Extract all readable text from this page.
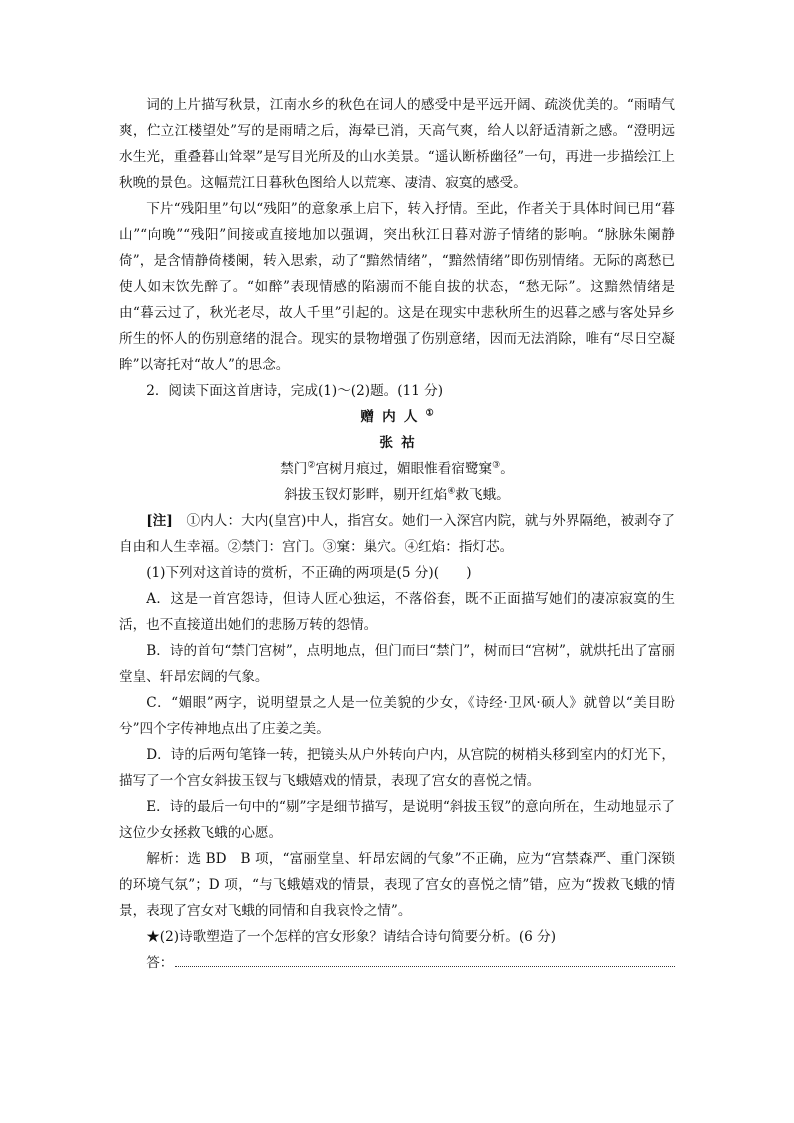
词的上片描写秋景，江南水乡的秋色在词人的感受中是平远开阔、疏淡优美的。“雨晴气爽，伫立江楼望处”写的是雨晴之后，海晕已消，天高气爽，给人以舒适清新之感。“澄明远水生光，重叠暮山耸翠”是写目光所及的山水美景。“遥认断桥幽径”一句，再进一步描绘江上秋晚的景色。这幅荒江日暮秋色图给人以荒寒、凄清、寂寞的感受。

下片“残阳里”句以“残阳”的意象承上启下，转入抒情。至此，作者关于具体时间已用“暮山”“向晚”“残阳”间接或直接地加以强调，突出秋江日暮对游子情绪的影响。“脉脉朱阑静倚”，是含情静倚楼阑，转入思索，动了“黯然情绪”，“黯然情绪”即伤别情绪。无际的离愁已使人如末饮先醉了。“如醉”表现情感的陷溺而不能自拔的状态，“愁无际”。这黯然情绪是由“暮云过了，秋光老尽，故人千里”引起的。这是在现实中悲秋所生的迟暮之感与客处异乡所生的怀人的伤别意绪的混合。现实的景物增强了伤别意绪，因而无法消除，唯有“尽日空凝眸”以寄托对“故人”的思念。

2．阅读下面这首唐诗，完成(1)～(2)题。(11 分)

赠内人①

张祜

禁门②宫树月痕过，媚眼惟看宿鹭窠③。

斜拔玉钗灯影畔，剔开红焰④救飞蛾。

[注]　 ①内人：大内(皇宫)中人，指宫女。她们一入深宫内院，就与外界隔绝，被剥夺了自由和人生幸福。②禁门：宫门。③窠：巢穴。④红焰：指灯芯。

(1)下列对这首诗的赏析，不正确的两项是(5 分)(　　)

A．这是一首宫怨诗，但诗人匠心独运，不落俗套，既不正面描写她们的凄凉寂寞的生活，也不直接道出她们的悲肠万转的怨情。

B．诗的首句“禁门宫树”，点明地点，但门而曰“禁门”，树而曰“宫树”，就烘托出了富丽堂皇、轩昂宏阔的气象。

C．“媚眼”两字，说明望景之人是一位美貌的少女，《诗经·卫风·硕人》就曾以“美目盼兮”四个字传神地点出了庄姜之美。

D．诗的后两句笔锋一转，把镜头从户外转向户内，从宫院的树梢头移到室内的灯光下，描写了一个宫女斜拔玉钗与飞蛾嬉戏的情景，表现了宫女的喜悦之情。

E．诗的最后一句中的“剔”字是细节描写，是说明“斜拔玉钗”的意向所在，生动地显示了这位少女拯救飞蛾的心愿。

解析：选 BD　B 项，“富丽堂皇、轩昂宏阔的气象”不正确，应为“宫禁森严、重门深锁的环境气氛”；D 项，“与飞蛾嬉戏的情景，表现了宫女的喜悦之情”错，应为“拨救飞蛾的情景，表现了宫女对飞蛾的同情和自我哀怜之情”。

★(2)诗歌塑造了一个怎样的宫女形象？请结合诗句简要分析。(6 分)

答：
